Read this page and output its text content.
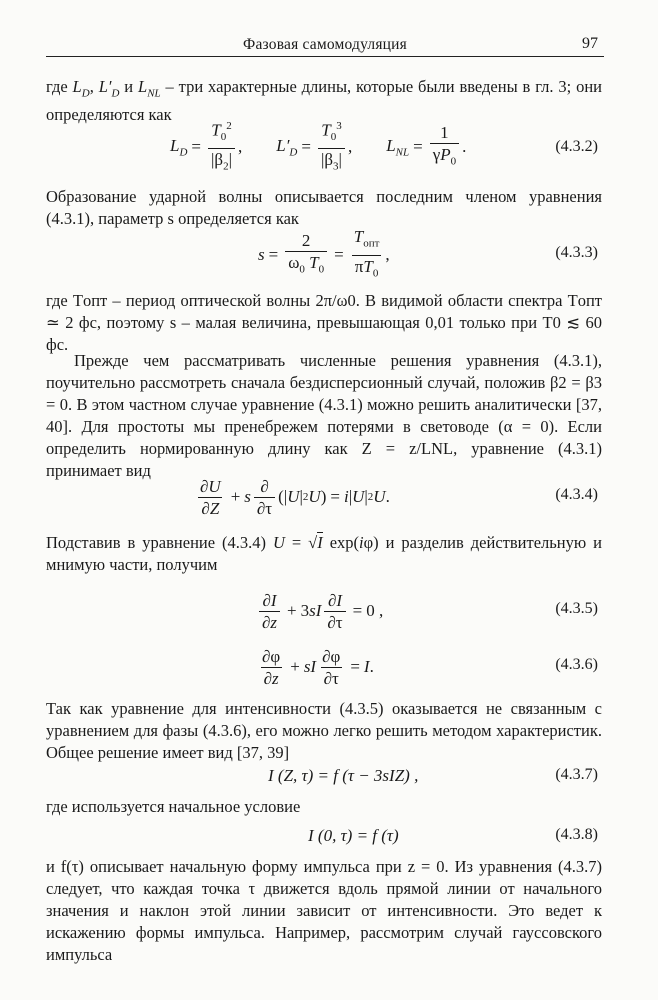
Фазовая самомодуляция	97
где $L_D$, $L'_D$ и $L_{NL}$ – три характерные длины, которые были введены в гл. 3; они определяются как
$L_D = \frac{T_0^2}{|\beta_2|}$ , $L'_D = \frac{T_0^3}{|\beta_3|}$ , $L_{NL} = \frac{1}{\gamma P_0}$ .	(4.3.2)
Образование ударной волны описывается последним членом уравнения (4.3.1), параметр s определяется как
$s = \frac{2}{\omega_0 T_0} = \frac{T_{опт}}{\pi T_0}$ ,	(4.3.3)
где Tопт – период оптической волны 2π/ω0. В видимой области спектра Tопт ≃ 2 фс, поэтому s – малая величина, превышающая 0,01 только при T0 ≲ 60 фс.
Прежде чем рассматривать численные решения уравнения (4.3.1), поучительно рассмотреть сначала бездисперсионный случай, положив β2 = β3 = 0. В этом частном случае уравнение (4.3.1) можно решить аналитически [37, 40]. Для простоты мы пренебрежем потерями в световоде (α = 0). Если определить нормированную длину как Z = z/LNL, уравнение (4.3.1) принимает вид
$\frac{\partial U}{\partial Z} + s \frac{\partial}{\partial\tau}$ (| U | 2 U ) = i | U | 2 U .	(4.3.4)
Подставив в уравнение (4.3.4) U = √I exp(iφ) и разделив действительную и мнимую части, получим
$\frac{\partial I}{\partial z} + 3$ sI $\frac{\partial I}{\partial\tau} = 0$ ,	(4.3.5)
$\frac{\partial\varphi}{\partial z}$ + sI $\frac{\partial\varphi}{\partial\tau} = I$ .	(4.3.6)
Так как уравнение для интенсивности (4.3.5) оказывается не связанным с уравнением для фазы (4.3.6), его можно легко решить методом характеристик. Общее решение имеет вид [37, 39]
I (Z, τ) = f (τ − 3sIZ) ,	(4.3.7)
где используется начальное условие
I (0, τ) = f (τ)	(4.3.8)
и f(τ) описывает начальную форму импульса при z = 0. Из уравнения (4.3.7) следует, что каждая точка τ движется вдоль прямой линии от начального значения и наклон этой линии зависит от интенсивности. Это ведет к искажению формы импульса. Например, рассмотрим случай гауссовского импульса
